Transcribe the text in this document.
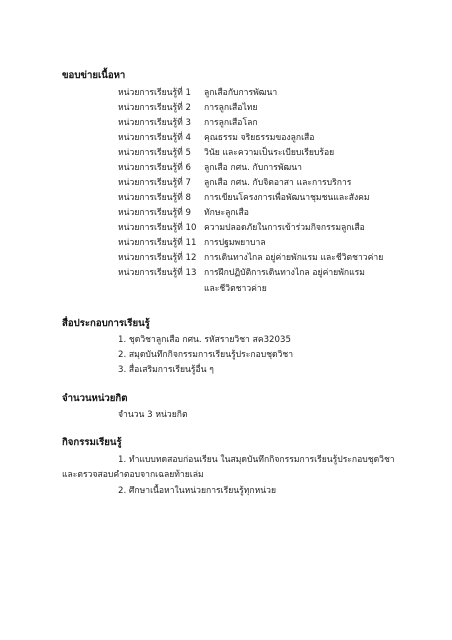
ขอบข่ายเนื้อหา
หน่วยการเรียนรู้ที่ 1 ลูกเสือกับการพัฒนา
หน่วยการเรียนรู้ที่ 2 การลูกเสือไทย
หน่วยการเรียนรู้ที่ 3 การลูกเสือโลก
หน่วยการเรียนรู้ที่ 4 คุณธรรม จริยธรรมของลูกเสือ
หน่วยการเรียนรู้ที่ 5 วินัย และความเป็นระเบียบเรียบร้อย
หน่วยการเรียนรู้ที่ 6 ลูกเสือ กศน. กับการพัฒนา
หน่วยการเรียนรู้ที่ 7 ลูกเสือ กศน. กับจิตอาสา และการบริการ
หน่วยการเรียนรู้ที่ 8 การเขียนโครงการเพื่อพัฒนาชุมชนและสังคม
หน่วยการเรียนรู้ที่ 9 ทักษะลูกเสือ
หน่วยการเรียนรู้ที่ 10 ความปลอดภัยในการเข้าร่วมกิจกรรมลูกเสือ
หน่วยการเรียนรู้ที่ 11 การปฐมพยาบาล
หน่วยการเรียนรู้ที่ 12 การเดินทางไกล อยู่ค่ายพักแรม และชีวิตชาวค่าย
หน่วยการเรียนรู้ที่ 13 การฝึกปฏิบัติการเดินทางไกล อยู่ค่ายพักแรม
และชีวิตชาวค่าย
สื่อประกอบการเรียนรู้
1. ชุดวิชาลูกเสือ กศน. รหัสรายวิชา สค32035
2. สมุดบันทึกกิจกรรมการเรียนรู้ประกอบชุดวิชา
3. สื่อเสริมการเรียนรู้อื่น ๆ
จำนวนหน่วยกิต
จำนวน 3 หน่วยกิต
กิจกรรมเรียนรู้
1. ทำแบบทดสอบก่อนเรียน ในสมุดบันทึกกิจกรรมการเรียนรู้ประกอบชุดวิชา
และตรวจสอบคำตอบจากเฉลยท้ายเล่ม
2. ศึกษาเนื้อหาในหน่วยการเรียนรู้ทุกหน่วย
